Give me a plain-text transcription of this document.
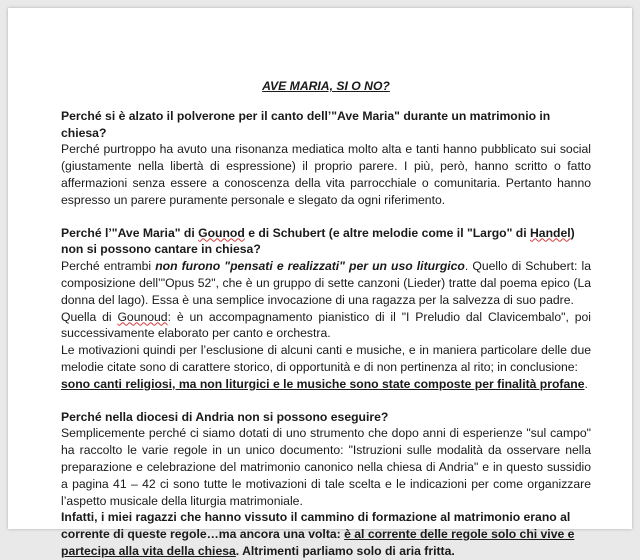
AVE MARIA, SI O NO?

Perché si è alzato il polverone per il canto dell’"Ave Maria" durante un matrimonio in chiesa?

Perché purtroppo ha avuto una risonanza mediatica molto alta e tanti hanno pubblicato sui social (giustamente nella libertà di espressione) il proprio parere. I più, però, hanno scritto o fatto affermazioni senza essere a conoscenza della vita parrocchiale o comunitaria. Pertanto hanno espresso un parere puramente personale e slegato da ogni riferimento.

Perché l’"Ave Maria" di Gounod e di Schubert (e altre melodie come il "Largo" di Handel) non si possono cantare in chiesa?

Perché entrambi non furono "pensati e realizzati" per un uso liturgico. Quello di Schubert: la composizione dell’"Opus 52", che è un gruppo di sette canzoni (Lieder) tratte dal poema epico (La donna del lago). Essa è una semplice invocazione di una ragazza per la salvezza di suo padre.

Quella di Gounoud: è un accompagnamento pianistico di il "I Preludio dal Clavicembalo", poi successivamente elaborato per canto e orchestra.

Le motivazioni quindi per l’esclusione di alcuni canti e musiche, e in maniera particolare delle due melodie citate sono di carattere storico, di opportunità e di non pertinenza al rito; in conclusione:

sono canti religiosi, ma non liturgici e le musiche sono state composte per finalità profane.

Perché nella diocesi di Andria non si possono eseguire?

Semplicemente perché ci siamo dotati di uno strumento che dopo anni di esperienze "sul campo" ha raccolto le varie regole in un unico documento: "Istruzioni sulle modalità da osservare nella preparazione e celebrazione del matrimonio canonico nella chiesa di Andria" e in questo sussidio a pagina 41 – 42 ci sono tutte le motivazioni di tale scelta e le indicazioni per come organizzare l’aspetto musicale della liturgia matrimoniale.

Infatti, i miei ragazzi che hanno vissuto il cammino di formazione al matrimonio erano al corrente di queste regole…ma ancora una volta: è al corrente delle regole solo chi vive e partecipa alla vita della chiesa. Altrimenti parliamo solo di aria fritta.
